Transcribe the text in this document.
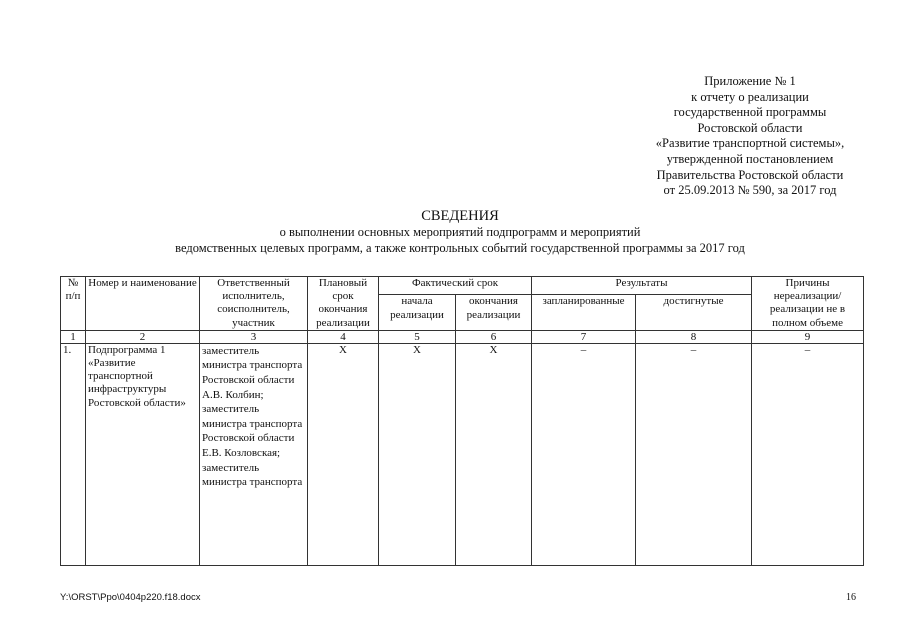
Приложение № 1
к отчету о реализации
государственной программы
Ростовской области
«Развитие транспортной системы»,
утвержденной постановлением
Правительства Ростовской области
от 25.09.2013 № 590, за 2017 год
СВЕДЕНИЯ
о выполнении основных мероприятий подпрограмм и мероприятий
ведомственных целевых программ, а также контрольных событий государственной программы за 2017 год
№ п/п	Номер и наименование	Ответственный исполнитель, соисполнитель, участник	Плановый срок окончания реализации	Фактический срок		Результаты		Причины нереализации/ реализации не в полном объеме
				начала реализации	окончания реализации	запланированные	достигнутые	
1	2	3	4	5	6	7	8	9
1.	Подпрограмма 1 «Развитие транспортной инфраструктуры Ростовской области»	заместитель министра транспорта Ростовской области А.В. Колбин; заместитель министра транспорта Ростовской области Е.В. Козловская; заместитель министра транспорта	Х	Х	Х	–	–	–
Y:\ORST\Ppo\0404p220.f18.docx	16
